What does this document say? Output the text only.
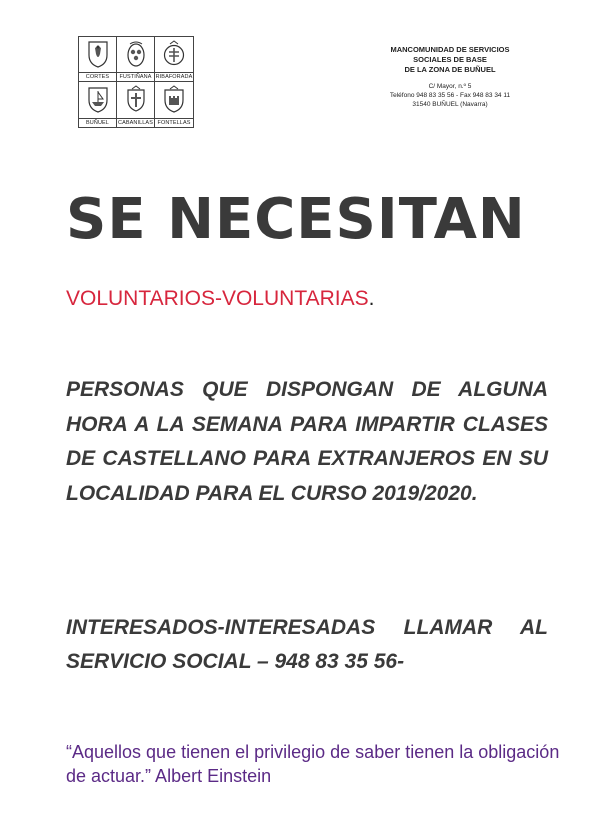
CORTES	FUSTIÑANA RIBAFORADA
BUÑUEL	CABANILLAS FONTELLAS
MANCOMUNIDAD DE SERVICIOS
SOCIALES DE BASE
DE LA ZONA DE BUÑUEL
C/ Mayor, n.º 5
Teléfono 948 83 35 56 - Fax 948 83 34 11
31540 BUÑUEL (Navarra)
SE NECESITAN
VOLUNTARIOS-VOLUNTARIAS.
PERSONAS QUE DISPONGAN DE ALGUNA HORA A LA SEMANA PARA IMPARTIR CLASES DE CASTELLANO PARA EXTRANJEROS EN SU LOCALIDAD PARA EL CURSO 2019/2020.
INTERESADOS-INTERESADAS LLAMAR AL SERVICIO SOCIAL – 948 83 35 56-
“Aquellos que tienen el privilegio de saber tienen la obligación de actuar.” Albert Einstein
